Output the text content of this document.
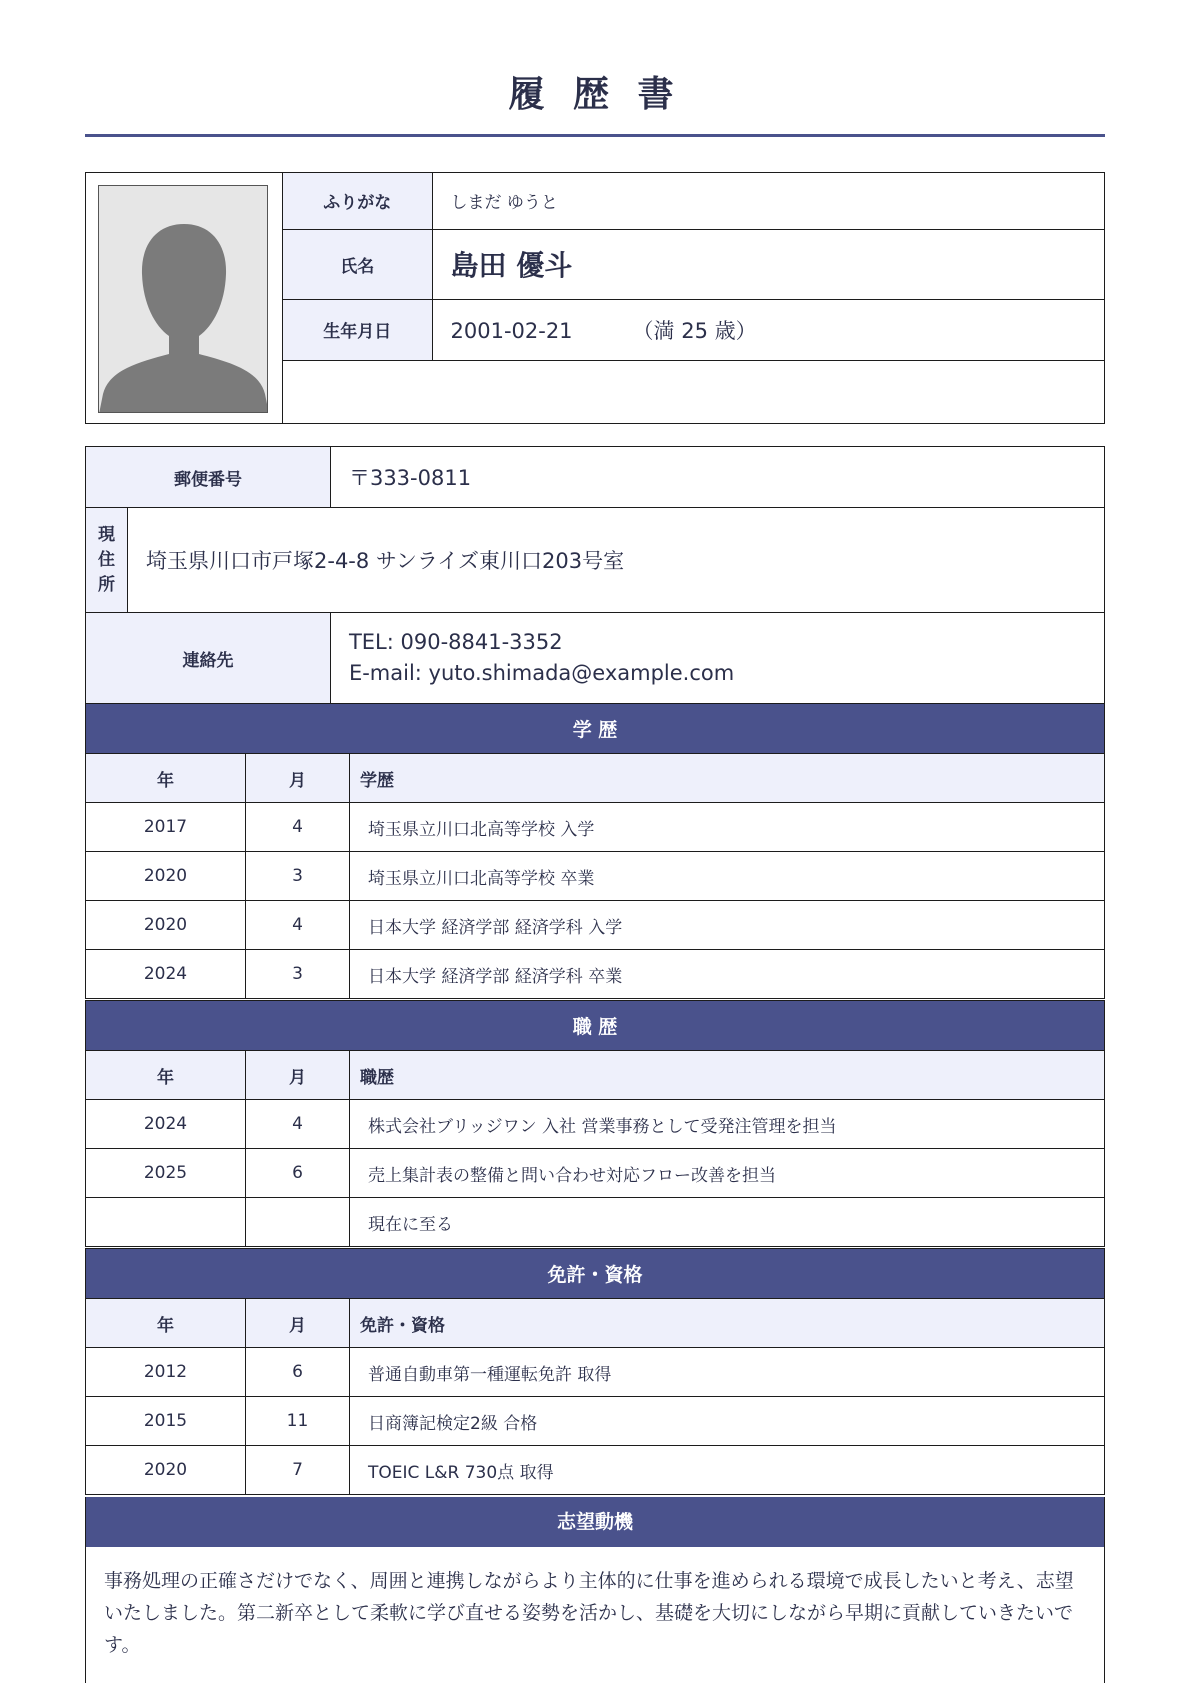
履 歴 書
ふりがな	しまだ ゆうと
氏名	島田 優斗
生年月日	2001-02-21 （満 25 歳）
郵便番号		〒333-0811

現
住
所	埼玉県川口市戸塚2-4-8 サンライズ東川口203号室	
連絡先		TEL: 090-8841-3352
E-mail: yuto.shimada@example.com
学 歴		
年	月	学歴
2017	4	埼玉県立川口北高等学校 入学
2020	3	埼玉県立川口北高等学校 卒業
2020	4	日本大学 経済学部 経済学科 入学
2024	3	日本大学 経済学部 経済学科 卒業
職 歴		
年	月	職歴
2024	4	株式会社ブリッジワン 入社 営業事務として受発注管理を担当
2025	6	売上集計表の整備と問い合わせ対応フロー改善を担当
		現在に至る
免許・資格		
年	月	免許・資格
2012	6	普通自動車第一種運転免許 取得
2015	11	日商簿記検定2級 合格
2020	7	TOEIC L&R 730点 取得
志望動機
事務処理の正確さだけでなく、周囲と連携しながらより主体的に仕事を進められる環境で成長したいと考え、志望いたしました。第二新卒として柔軟に学び直せる姿勢を活かし、基礎を大切にしながら早期に貢献していきたいです。
